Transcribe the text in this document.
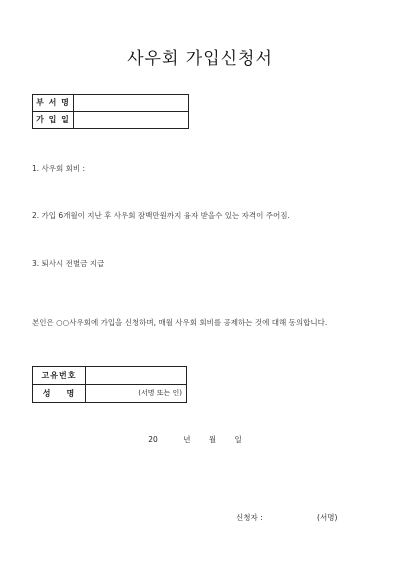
사우회 가입신청서
부 서 명	
가 입 일	
1. 사우회 회비 :
2. 가입 6개월이 지난 후 사우회 잠백만원까지 융자 받을수 있는 자격이 주어짐.
3. 퇴사시 전별금 지급
본인은 ○○사우회에 가입을 신청하며, 매월 사우회 회비를 공제하는 것에 대해 동의합니다.
고유번호	
성    명	(서명 또는 인)
20	년 월 일
신청자 :	(서명)
